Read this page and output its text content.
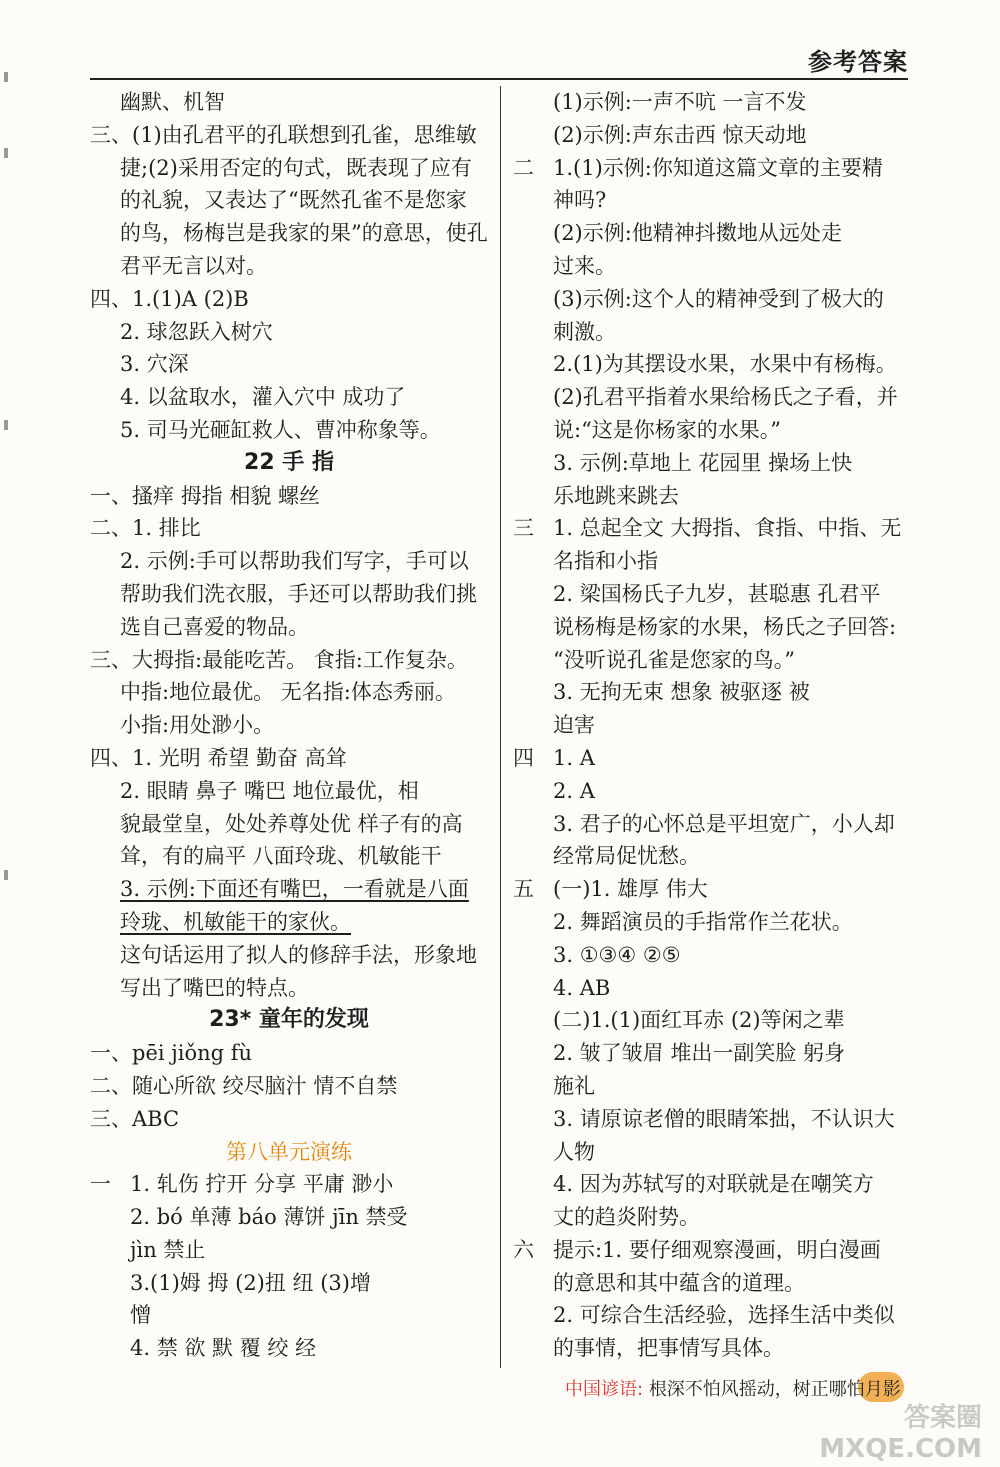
参考答案
幽默、机智
三、(1)由孔君平的孔联想到孔雀，思维敏
捷;(2)采用否定的句式，既表现了应有
的礼貌，又表达了“既然孔雀不是您家
的鸟，杨梅岂是我家的果”的意思，使孔
君平无言以对。
四、1.(1)A (2)B
2. 球忽跃入树穴
3. 穴深
4. 以盆取水，灌入穴中 成功了
5. 司马光砸缸救人、曹冲称象等。
22 手 指
一、搔痒 拇指 相貌 螺丝
二、1. 排比
2. 示例:手可以帮助我们写字，手可以
帮助我们洗衣服，手还可以帮助我们挑
选自己喜爱的物品。
三、大拇指:最能吃苦。 食指:工作复杂。
中指:地位最优。 无名指:体态秀丽。
小指:用处渺小。
四、1. 光明 希望 勤奋 高耸
2. 眼睛 鼻子 嘴巴 地位最优，相
貌最堂皇，处处养尊处优 样子有的高
耸，有的扁平 八面玲珑、机敏能干
3. 示例:下面还有嘴巴，一看就是八面
玲珑、机敏能干的家伙。
这句话运用了拟人的修辞手法，形象地
写出了嘴巴的特点。
23* 童年的发现
一、pēi jiǒng fù
二、随心所欲 绞尽脑汁 情不自禁
三、ABC
第八单元演练
一 1. 轧伤 拧开 分享 平庸 渺小
2. bó 单薄 báo 薄饼 jīn 禁受
jìn 禁止
3.(1)姆 拇 (2)扭 纽 (3)增
憎
4. 禁 欲 默 覆 绞 经
(1)示例:一声不吭 一言不发
(2)示例:声东击西 惊天动地
二 1.(1)示例:你知道这篇文章的主要精
神吗?
(2)示例:他精神抖擞地从远处走
过来。
(3)示例:这个人的精神受到了极大的
刺激。
2.(1)为其摆设水果，水果中有杨梅。
(2)孔君平指着水果给杨氏之子看，并
说:“这是你杨家的水果。”
3. 示例:草地上 花园里 操场上快
乐地跳来跳去
三 1. 总起全文 大拇指、食指、中指、无
名指和小指
2. 梁国杨氏子九岁，甚聪惠 孔君平
说杨梅是杨家的水果，杨氏之子回答:
“没听说孔雀是您家的鸟。”
3. 无拘无束 想象 被驱逐 被
迫害
四 1. A
2. A
3. 君子的心怀总是平坦宽广，小人却
经常局促忧愁。
五 (一)1. 雄厚 伟大
2. 舞蹈演员的手指常作兰花状。
3. ①③④ ②⑤
4. AB
(二)1.(1)面红耳赤 (2)等闲之辈
2. 皱了皱眉 堆出一副笑脸 躬身
施礼
3. 请原谅老僧的眼睛笨拙，不认识大
人物
4. 因为苏轼写的对联就是在嘲笑方
丈的趋炎附势。
六 提示:1. 要仔细观察漫画，明白漫画
的意思和其中蕴含的道理。
2. 可综合生活经验，选择生活中类似
的事情，把事情写具体。
中国谚语: 根深不怕风摇动，树正哪怕月影
答案圈 MXQE.COM
